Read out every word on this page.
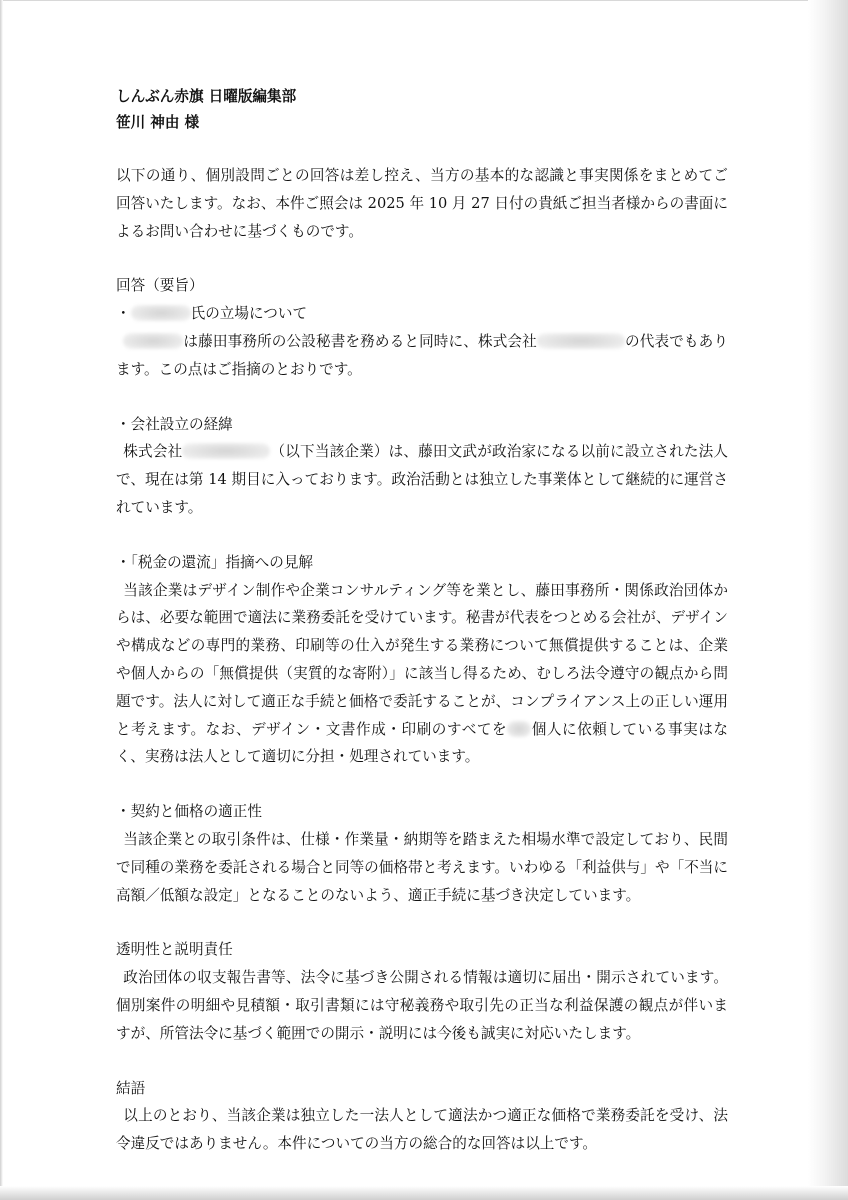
しんぶん赤旗 日曜版編集部
笹川 神由 様

以下の通り、個別設問ごとの回答は差し控え、当方の基本的な認識と事実関係をまとめてご回答いたします。なお、本件ご照会は 2025 年 10 月 27 日付の貴紙ご担当者様からの書面によるお問い合わせに基づくものです。

回答（要旨）
・	氏の立場について

は藤田事務所の公設秘書を務めると同時に、株式会社	の代表でもあります。この点はご指摘のとおりです。

・会社設立の経緯

株式会社	（以下当該企業）は、藤田文武が政治家になる以前に設立された法人で、現在は第 14 期目に入っております。政治活動とは独立した事業体として継続的に運営されています。

・「税金の還流」指摘への見解

当該企業はデザイン制作や企業コンサルティング等を業とし、藤田事務所・関係政治団体からは、必要な範囲で適法に業務委託を受けています。秘書が代表をつとめる会社が、デザインや構成などの専門的業務、印刷等の仕入が発生する業務について無償提供することは、企業や個人からの「無償提供（実質的な寄附）」に該当し得るため、むしろ法令遵守の観点から問題です。法人に対して適正な手続と価格で委託することが、コンプライアンス上の正しい運用と考えます。なお、デザイン・文書作成・印刷のすべてを 個人に依頼している事実はなく、実務は法人として適切に分担・処理されています。

・契約と価格の適正性

当該企業との取引条件は、仕様・作業量・納期等を踏まえた相場水準で設定しており、民間で同種の業務を委託される場合と同等の価格帯と考えます。いわゆる「利益供与」や「不当に高額／低額な設定」となることのないよう、適正手続に基づき決定しています。

透明性と説明責任

政治団体の収支報告書等、法令に基づき公開される情報は適切に届出・開示されています。個別案件の明細や見積額・取引書類には守秘義務や取引先の正当な利益保護の観点が伴いますが、所管法令に基づく範囲での開示・説明には今後も誠実に対応いたします。

結語

以上のとおり、当該企業は独立した一法人として適法かつ適正な価格で業務委託を受け、法令違反ではありません。本件についての当方の総合的な回答は以上です。
